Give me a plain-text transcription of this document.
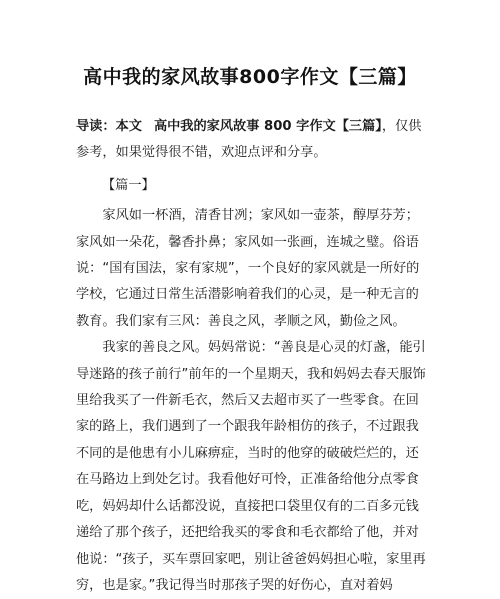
高中我的家风故事800字作文【三篇】

导读：本文 高中我的家风故事 800 字作文【三篇】，仅供参考，如果觉得很不错，欢迎点评和分享。

【篇一】

家风如一杯酒，清香甘冽；家风如一壶茶，醇厚芬芳；家风如一朵花，馨香扑鼻；家风如一张画，连城之璧。俗语说：“国有国法，家有家规”，一个良好的家风就是一所好的学校，它通过日常生活潜影响着我们的心灵，是一种无言的教育。我们家有三风：善良之风，孝顺之风，勤俭之风。

我家的善良之风。妈妈常说：“善良是心灵的灯盏，能引导迷路的孩子前行”前年的一个星期天，我和妈妈去春天服饰里给我买了一件新毛衣，然后又去超市买了一些零食。在回家的路上，我们遇到了一个跟我年龄相仿的孩子，不过跟我不同的是他患有小儿麻痹症，当时的他穿的破破烂烂的，还在马路边上到处乞讨。我看他好可怜，正准备给他分点零食吃，妈妈却什么话都没说，直接把口袋里仅有的二百多元钱递给了那个孩子，还把给我买的零食和毛衣都给了他，并对他说：“孩子，买车票回家吧，别让爸爸妈妈担心啦，家里再穷，也是家。”我记得当时那孩子哭的好伤心，直对着妈
